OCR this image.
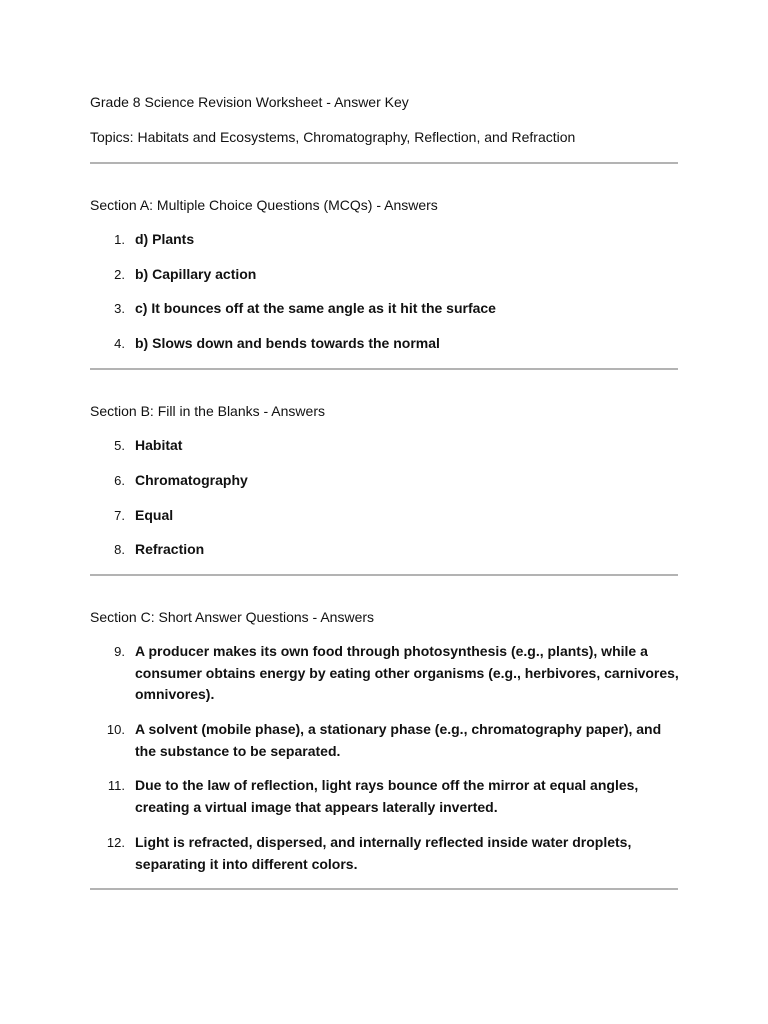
Grade 8 Science Revision Worksheet - Answer Key

Topics: Habitats and Ecosystems, Chromatography, Reflection, and Refraction

Section A: Multiple Choice Questions (MCQs) - Answers

1. d) Plants
2. b) Capillary action
3. c) It bounces off at the same angle as it hit the surface
4. b) Slows down and bends towards the normal

Section B: Fill in the Blanks - Answers

5. Habitat
6. Chromatography
7. Equal
8. Refraction

Section C: Short Answer Questions - Answers

9. A producer makes its own food through photosynthesis (e.g., plants), while a consumer obtains energy by eating other organisms (e.g., herbivores, carnivores, omnivores).
10. A solvent (mobile phase), a stationary phase (e.g., chromatography paper), and the substance to be separated.
11. Due to the law of reflection, light rays bounce off the mirror at equal angles, creating a virtual image that appears laterally inverted.
12. Light is refracted, dispersed, and internally reflected inside water droplets, separating it into different colors.
